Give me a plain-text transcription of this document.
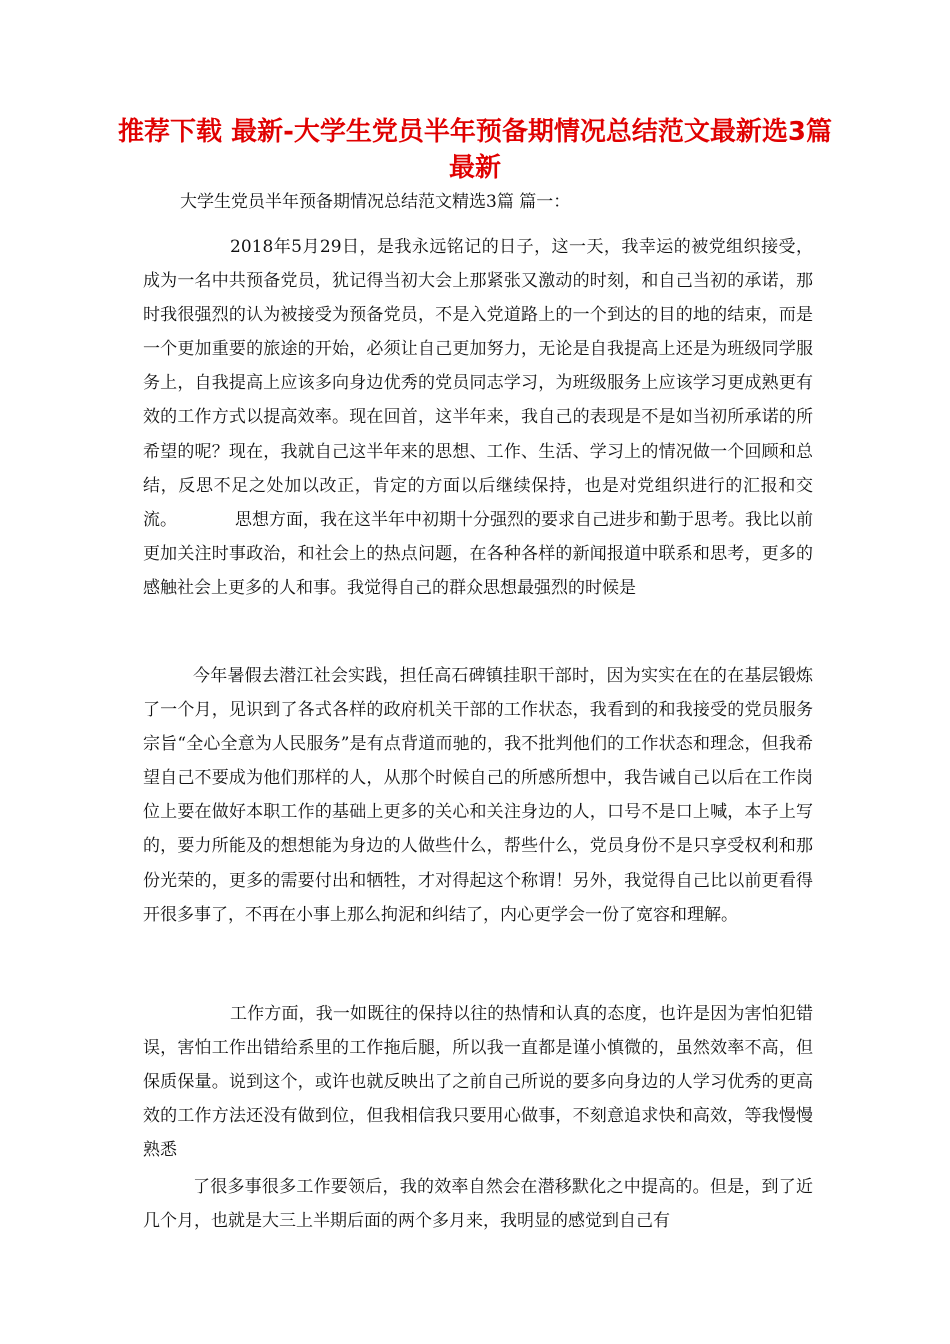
推荐下载 最新-大学生党员半年预备期情况总结范文最新选3篇 最新

大学生党员半年预备期情况总结范文精选3篇 篇一：

2018年5月29日，是我永远铭记的日子，这一天，我幸运的被党组织接受，成为一名中共预备党员，犹记得当初大会上那紧张又激动的时刻，和自己当初的承诺，那时我很强烈的认为被接受为预备党员，不是入党道路上的一个到达的目的地的结束，而是一个更加重要的旅途的开始，必须让自己更加努力，无论是自我提高上还是为班级同学服务上，自我提高上应该多向身边优秀的党员同志学习，为班级服务上应该学习更成熟更有效的工作方式以提高效率。现在回首，这半年来，我自己的表现是不是如当初所承诺的所希望的呢？现在，我就自己这半年来的思想、工作、生活、学习上的情况做一个回顾和总结，反思不足之处加以改正，肯定的方面以后继续保持，也是对党组织进行的汇报和交流。	思想方面，我在这半年中初期十分强烈的要求自己进步和勤于思考。我比以前更加关注时事政治，和社会上的热点问题，在各种各样的新闻报道中联系和思考，更多的感触社会上更多的人和事。我觉得自己的群众思想最强烈的时候是

今年暑假去潜江社会实践，担任高石碑镇挂职干部时，因为实实在在的在基层锻炼了一个月，见识到了各式各样的政府机关干部的工作状态，我看到的和我接受的党员服务宗旨“全心全意为人民服务”是有点背道而驰的，我不批判他们的工作状态和理念，但我希望自己不要成为他们那样的人，从那个时候自己的所感所想中，我告诫自己以后在工作岗位上要在做好本职工作的基础上更多的关心和关注身边的人，口号不是口上喊，本子上写的，要力所能及的想想能为身边的人做些什么，帮些什么，党员身份不是只享受权利和那份光荣的，更多的需要付出和牺牲，才对得起这个称谓！另外，我觉得自己比以前更看得开很多事了，不再在小事上那么拘泥和纠结了，内心更学会一份了宽容和理解。

工作方面，我一如既往的保持以往的热情和认真的态度，也许是因为害怕犯错误，害怕工作出错给系里的工作拖后腿，所以我一直都是谨小慎微的，虽然效率不高，但保质保量。说到这个，或许也就反映出了之前自己所说的要多向身边的人学习优秀的更高效的工作方法还没有做到位，但我相信我只要用心做事，不刻意追求快和高效，等我慢慢熟悉

了很多事很多工作要领后，我的效率自然会在潜移默化之中提高的。但是，到了近几个月，也就是大三上半期后面的两个多月来，我明显的感觉到自己有
